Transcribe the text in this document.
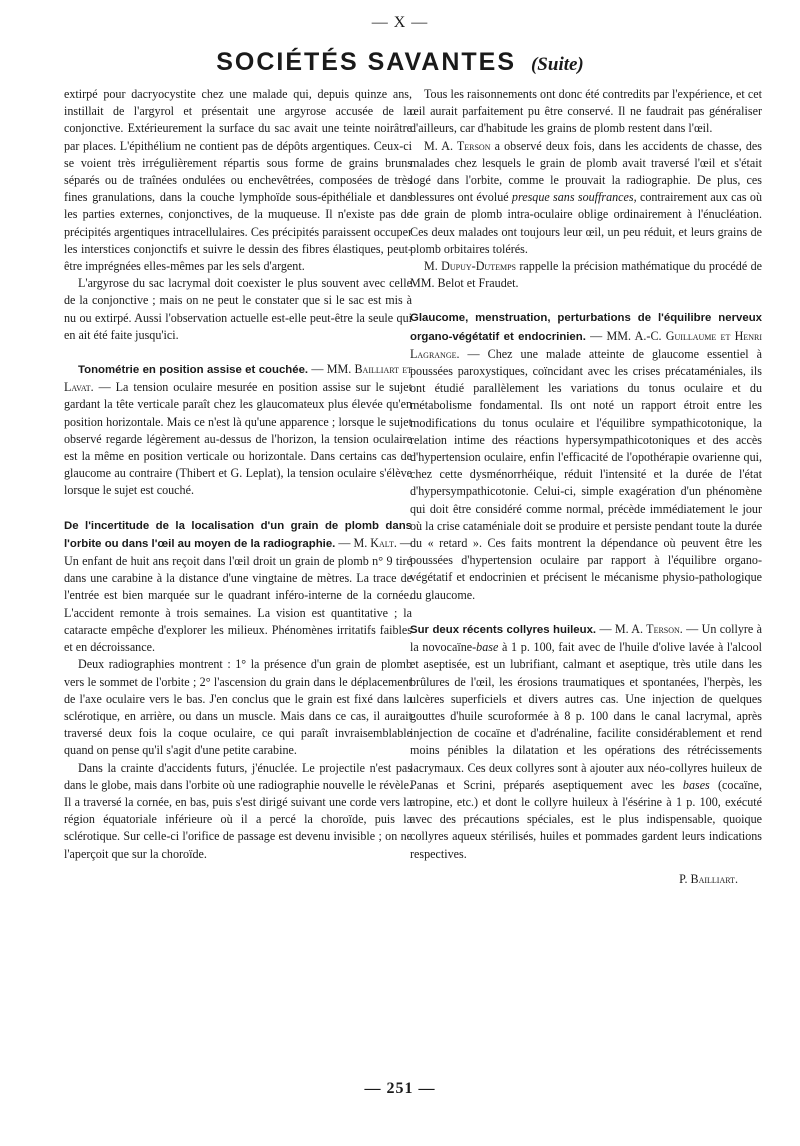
— X —
SOCIÉTÉS SAVANTES (Suite)

extirpé pour dacryocystite chez une malade qui, depuis quinze ans, instillait de l'argyrol et présentait une argyrose accusée de la conjonctive. Extérieurement la surface du sac avait une teinte noirâtre par places. L'épithélium ne contient pas de dépôts argentiques. Ceux-ci se voient très irrégulièrement répartis sous forme de grains bruns séparés ou de traînées ondulées ou enchevêtrées, composées de très fines granulations, dans la couche lymphoïde sous-épithéliale et dans les parties externes, conjonctives, de la muqueuse. Il n'existe pas de précipités argentiques intracellulaires. Ces précipités paraissent occuper les interstices conjonctifs et suivre le dessin des fibres élastiques, peut-être imprégnées elles-mêmes par les sels d'argent.

L'argyrose du sac lacrymal doit coexister le plus souvent avec celle de la conjonctive ; mais on ne peut le constater que si le sac est mis à nu ou extirpé. Aussi l'observation actuelle est-elle peut-être la seule qui en ait été faite jusqu'ici.

Tonométrie en position assise et couchée. — MM. Bailliart et Lavat. — La tension oculaire mesurée en position assise sur le sujet gardant la tête verticale paraît chez les glaucomateux plus élevée qu'en position horizontale. Mais ce n'est là qu'une apparence ; lorsque le sujet observé regarde légèrement au-dessus de l'horizon, la tension oculaire est la même en position verticale ou horizontale. Dans certains cas de glaucome au contraire (Thibert et G. Leplat), la tension oculaire s'élève lorsque le sujet est couché.

De l'incertitude de la localisation d'un grain de plomb dans l'orbite ou dans l'œil au moyen de la radiographie. — M. Kalt. — Un enfant de huit ans reçoit dans l'œil droit un grain de plomb n° 9 tiré dans une carabine à la distance d'une vingtaine de mètres. La trace de l'entrée est bien marquée sur le quadrant inféro-interne de la cornée. L'accident remonte à trois semaines. La vision est quantitative ; la cataracte empêche d'explorer les milieux. Phénomènes irritatifs faibles et en décroissance.

Deux radiographies montrent : 1° la présence d'un grain de plomb vers le sommet de l'orbite ; 2° l'ascension du grain dans le déplacement de l'axe oculaire vers le bas. J'en conclus que le grain est fixé dans la sclérotique, en arrière, ou dans un muscle. Mais dans ce cas, il aurait traversé deux fois la coque oculaire, ce qui paraît invraisemblable quand on pense qu'il s'agit d'une petite carabine.

Dans la crainte d'accidents futurs, j'énuclée. Le projectile n'est pas dans le globe, mais dans l'orbite où une radiographie nouvelle le révèle. Il a traversé la cornée, en bas, puis s'est dirigé suivant une corde vers la région équatoriale inférieure où il a percé la choroïde, puis la sclérotique. Sur celle-ci l'orifice de passage est devenu invisible ; on ne l'aperçoit que sur la choroïde.

Tous les raisonnements ont donc été contredits par l'expérience, et cet œil aurait parfaitement pu être conservé. Il ne faudrait pas généraliser d'ailleurs, car d'habitude les grains de plomb restent dans l'œil.

M. A. Terson a observé deux fois, dans les accidents de chasse, des malades chez lesquels le grain de plomb avait traversé l'œil et s'était logé dans l'orbite, comme le prouvait la radiographie. De plus, ces blessures ont évolué presque sans souffrances, contrairement aux cas où le grain de plomb intra-oculaire oblige ordinairement à l'énucléation. Ces deux malades ont toujours leur œil, un peu réduit, et leurs grains de plomb orbitaires tolérés.

M. Dupuy-Dutemps rappelle la précision mathématique du procédé de MM. Belot et Fraudet.

Glaucome, menstruation, perturbations de l'équilibre nerveux organo-végétatif et endocrinien. — MM. A.-C. Guillaume et Henri Lagrange. — Chez une malade atteinte de glaucome essentiel à poussées paroxystiques, coïncidant avec les crises précataméniales, ils ont étudié parallèlement les variations du tonus oculaire et du métabolisme fondamental. Ils ont noté un rapport étroit entre les modifications du tonus oculaire et l'équilibre sympathicotonique, la relation intime des réactions hypersympathicotoniques et des accès d'hypertension oculaire, enfin l'efficacité de l'opothérapie ovarienne qui, chez cette dysménorrhéique, réduit l'intensité et la durée de l'état d'hypersympathicotonie. Celui-ci, simple exagération d'un phénomène qui doit être considéré comme normal, précède immédiatement le jour où la crise cataméniale doit se produire et persiste pendant toute la durée du « retard ». Ces faits montrent la dépendance où peuvent être les poussées d'hypertension oculaire par rapport à l'équilibre organo-végétatif et endocrinien et précisent le mécanisme physio-pathologique du glaucome.

Sur deux récents collyres huileux. — M. A. Terson. — Un collyre à la novocaïne-base à 1 p. 100, fait avec de l'huile d'olive lavée à l'alcool et aseptisée, est un lubrifiant, calmant et aseptique, très utile dans les brûlures de l'œil, les érosions traumatiques et spontanées, l'herpès, les ulcères superficiels et divers autres cas. Une injection de quelques gouttes d'huile scuroformée à 8 p. 100 dans le canal lacrymal, après injection de cocaïne et d'adrénaline, facilite considérablement et rend moins pénibles la dilatation et les opérations des rétrécissements lacrymaux. Ces deux collyres sont à ajouter aux néo-collyres huileux de Panas et Scrini, préparés aseptiquement avec les bases (cocaïne, atropine, etc.) et dont le collyre huileux à l'ésérine à 1 p. 100, exécuté avec des précautions spéciales, est le plus indispensable, quoique collyres aqueux stérilisés, huiles et pommades gardent leurs indications respectives.

P. Bailliart.
— 251 —
